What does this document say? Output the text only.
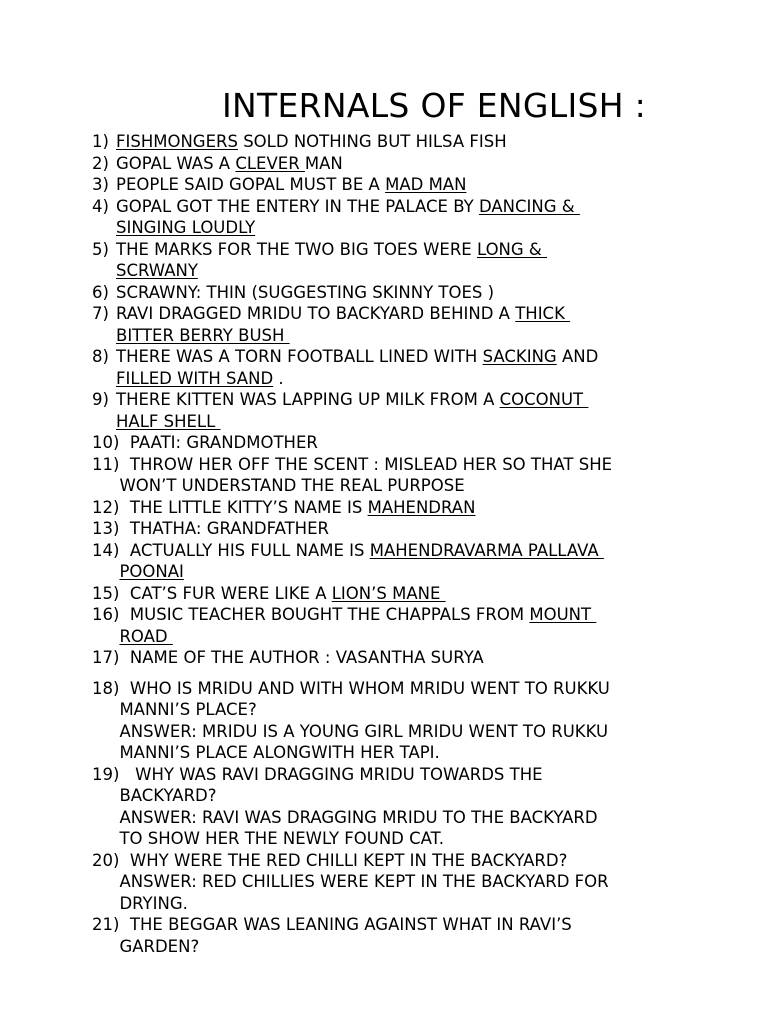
INTERNALS OF ENGLISH :
1) FISHMONGERS SOLD NOTHING BUT HILSA FISH
2) GOPAL WAS A CLEVER MAN
3) PEOPLE SAID GOPAL MUST BE A MAD MAN
4) GOPAL GOT THE ENTERY IN THE PALACE BY DANCING &
SINGING LOUDLY
5) THE MARKS FOR THE TWO BIG TOES WERE LONG &
SCRWANY
6) SCRAWNY: THIN (SUGGESTING SKINNY TOES )
7) RAVI DRAGGED MRIDU TO BACKYARD BEHIND A THICK
BITTER BERRY BUSH
8) THERE WAS A TORN FOOTBALL LINED WITH SACKING AND
FILLED WITH SAND .
9) THERE KITTEN WAS LAPPING UP MILK FROM A COCONUT
HALF SHELL
10) PAATI: GRANDMOTHER
11) THROW HER OFF THE SCENT : MISLEAD HER SO THAT SHE
WON’T UNDERSTAND THE REAL PURPOSE
12) THE LITTLE KITTY’S NAME IS MAHENDRAN
13) THATHA: GRANDFATHER
14) ACTUALLY HIS FULL NAME IS MAHENDRAVARMA PALLAVA
POONAI
15) CAT’S FUR WERE LIKE A LION’S MANE
16) MUSIC TEACHER BOUGHT THE CHAPPALS FROM MOUNT
ROAD
17) NAME OF THE AUTHOR : VASANTHA SURYA
18) WHO IS MRIDU AND WITH WHOM MRIDU WENT TO RUKKU
MANNI’S PLACE?
ANSWER: MRIDU IS A YOUNG GIRL MRIDU WENT TO RUKKU
MANNI’S PLACE ALONGWITH HER TAPI.
19) WHY WAS RAVI DRAGGING MRIDU TOWARDS THE
BACKYARD?
ANSWER: RAVI WAS DRAGGING MRIDU TO THE BACKYARD
TO SHOW HER THE NEWLY FOUND CAT.
20) WHY WERE THE RED CHILLI KEPT IN THE BACKYARD?
ANSWER: RED CHILLIES WERE KEPT IN THE BACKYARD FOR
DRYING.
21) THE BEGGAR WAS LEANING AGAINST WHAT IN RAVI’S
GARDEN?
